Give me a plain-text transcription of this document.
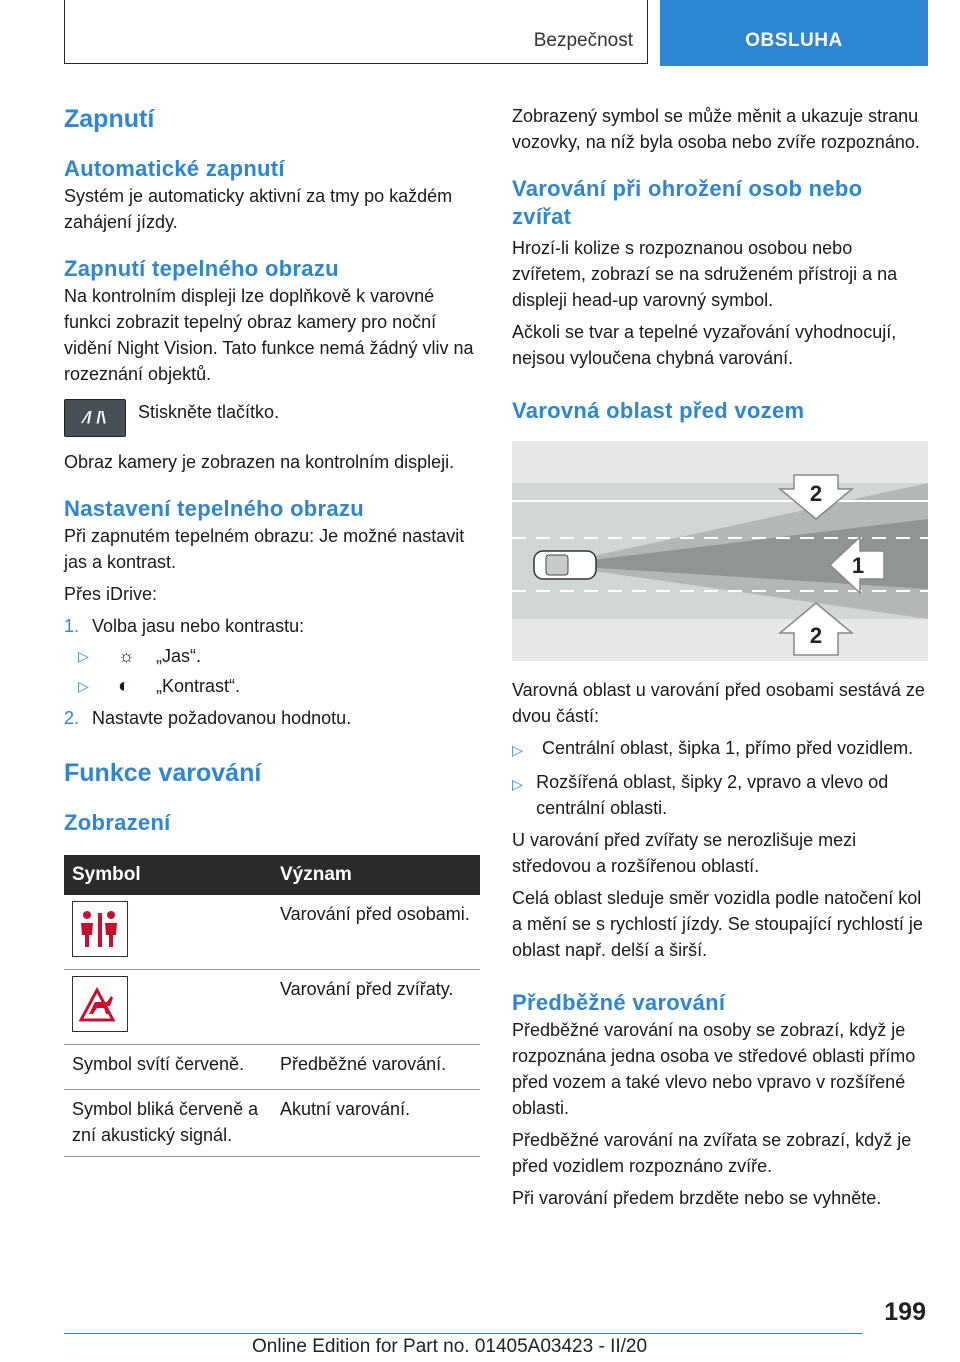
Bezpečnost	OBSLUHA
Zapnutí
Automatické zapnutí

Systém je automaticky aktivní za tmy po každém zahájení jízdy.

Zapnutí tepelného obrazu

Na kontrolním displeji lze doplňkově k varovné funkci zobrazit tepelný obraz kamery pro noční vidění Night Vision. Tato funkce nemá žádný vliv na rozeznání objektů.

⁄/ /\ Stiskněte tlačítko.

Obraz kamery je zobrazen na kontrolním displeji.

Nastavení tepelného obrazu

Při zapnutém tepelném obrazu: Je možné nastavit jas a kontrast.

Přes iDrive:

1. Volba jasu nebo kontrastu:
▷	☼	„Jas“.
▷	◐	„Kontrast“.
2. Nastavte požadovanou hodnotu.
Funkce varování
Zobrazení
Symbol	Význam

	Varování před osobami.

	Varování před zvířaty.
Symbol svítí červeně.	Předběžné varování.
Symbol bliká červeně a zní akustický signál.	Akutní varování.

Zobrazený symbol se může měnit a ukazuje stranu vozovky, na níž byla osoba nebo zvíře rozpoznáno.

Varování při ohrožení osob nebo zvířat

Hrozí-li kolize s rozpoznanou osobou nebo zvířetem, zobrazí se na sdruženém přístroji a na displeji head-up varovný symbol.

Ačkoli se tvar a tepelné vyzařování vyhodnocují, nejsou vyloučena chybná varování.

Varovná oblast před vozem
2
1
2

Varovná oblast u varování před osobami sestává ze dvou částí:

▷	Centrální oblast, šipka 1, přímo před vozidlem.
▷ Rozšířená oblast, šipky 2, vpravo a vlevo od centrální oblasti.

U varování před zvířaty se nerozlišuje mezi středovou a rozšířenou oblastí.

Celá oblast sleduje směr vozidla podle natočení kol a mění se s rychlostí jízdy. Se stoupající rychlostí je oblast např. delší a širší.

Předběžné varování

Předběžné varování na osoby se zobrazí, když je rozpoznána jedna osoba ve středové oblasti přímo před vozem a také vlevo nebo vpravo v rozšířené oblasti.

Předběžné varování na zvířata se zobrazí, když je před vozidlem rozpoznáno zvíře.

Při varování předem brzděte nebo se vyhněte.

199
Online Edition for Part no. 01405A03423 - II/20
